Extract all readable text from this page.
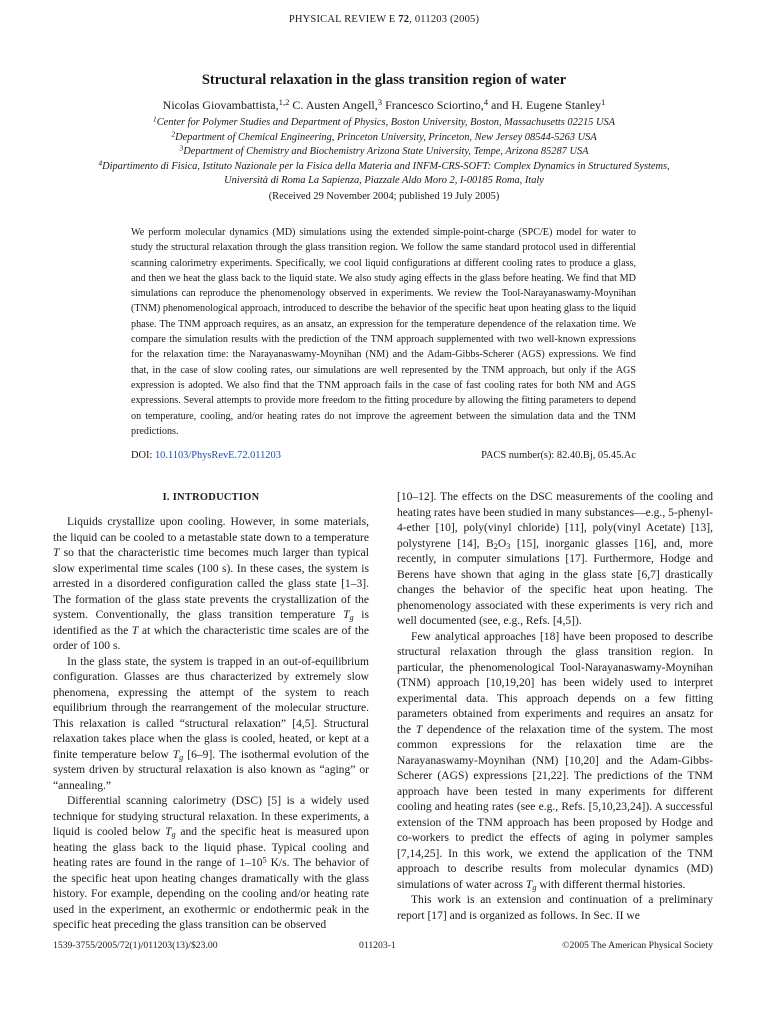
PHYSICAL REVIEW E 72, 011203 (2005)
Structural relaxation in the glass transition region of water
Nicolas Giovambattista,$^{1,2}$ C. Austen Angell,$^3$ Francesco Sciortino,$^4$ and H. Eugene Stanley$^1$
$^1$Center for Polymer Studies and Department of Physics, Boston University, Boston, Massachusetts 02215 USA
$^2$Department of Chemical Engineering, Princeton University, Princeton, New Jersey 08544-5263 USA
$^3$Department of Chemistry and Biochemistry Arizona State University, Tempe, Arizona 85287 USA
$^4$Dipartimento di Fisica, Istituto Nazionale per la Fisica della Materia and INFM-CRS-SOFT: Complex Dynamics in Structured Systems,
Università di Roma La Sapienza, Piazzale Aldo Moro 2, I-00185 Roma, Italy
(Received 29 November 2004; published 19 July 2005)

We perform molecular dynamics (MD) simulations using the extended simple-point-charge (SPC/E) model for water to study the structural relaxation through the glass transition region. We follow the same standard protocol used in differential scanning calorimetry experiments. Specifically, we cool liquid configurations at different cooling rates to produce a glass, and then we heat the glass back to the liquid state. We also study aging effects in the glass before heating. We find that MD simulations can reproduce the phenomenology observed in experiments. We review the Tool-Narayanaswamy-Moynihan (TNM) phenomenological approach, introduced to describe the behavior of the specific heat upon heating glass to the liquid phase. The TNM approach requires, as an ansatz, an expression for the temperature dependence of the relaxation time. We compare the simulation results with the prediction of the TNM approach supplemented with two well-known expressions for the relaxation time: the Narayanaswamy-Moynihan (NM) and the Adam-Gibbs-Scherer (AGS) expressions. We find that, in the case of slow cooling rates, our simulations are well represented by the TNM approach, but only if the AGS expression is adopted. We also find that the TNM approach fails in the case of fast cooling rates for both NM and AGS expressions. Several attempts to provide more freedom to the fitting procedure by allowing the fitting parameters to depend on temperature, cooling, and/or heating rates do not improve the agreement between the simulation data and the TNM predictions.

DOI: 10.1103/PhysRevE.72.011203	PACS number(s): 82.40.Bj, 05.45.Ac
I. INTRODUCTION

Liquids crystallize upon cooling. However, in some materials, the liquid can be cooled to a metastable state down to a temperature T so that the characteristic time becomes much larger than typical slow experimental time scales (100 s). In these cases, the system is arrested in a disordered configuration called the glass state [1–3]. The formation of the glass state prevents the crystallization of the system. Conventionally, the glass transition temperature $T_g$ is identified as the T at which the characteristic time scales are of the order of 100 s.

In the glass state, the system is trapped in an out-of-equilibrium configuration. Glasses are thus characterized by extremely slow phenomena, expressing the attempt of the system to reach equilibrium through the rearrangement of the molecular structure. This relaxation is called “structural relaxation” [4,5]. Structural relaxation takes place when the glass is cooled, heated, or kept at a finite temperature below $T_g$ [6–9]. The isothermal evolution of the system driven by structural relaxation is also known as “aging” or “annealing.”

Differential scanning calorimetry (DSC) [5] is a widely used technique for studying structural relaxation. In these experiments, a liquid is cooled below $T_g$ and the specific heat is measured upon heating the glass back to the liquid phase. Typical cooling and heating rates are found in the range of $1-10^5$ K/s. The behavior of the specific heat upon heating changes dramatically with the glass history. For example, depending on the cooling and/or heating rate used in the experiment, an exothermic or endothermic peak in the specific heat preceding the glass transition can be observed

[10–12]. The effects on the DSC measurements of the cooling and heating rates have been studied in many substances—e.g., 5-phenyl-4-ether [10], poly(vinyl chloride) [11], poly(vinyl Acetate) [13], polystyrene [14], $B_2O_3$ [15], inorganic glasses [16], and, more recently, in computer simulations [17]. Furthermore, Hodge and Berens have shown that aging in the glass state [6,7] drastically changes the behavior of the specific heat upon heating. The phenomenology associated with these experiments is very rich and well documented (see, e.g., Refs. [4,5]).

Few analytical approaches [18] have been proposed to describe structural relaxation through the glass transition region. In particular, the phenomenological Tool-Narayanaswamy-Moynihan (TNM) approach [10,19,20] has been widely used to interpret experimental data. This approach depends on a few fitting parameters obtained from experiments and requires an ansatz for the T dependence of the relaxation time of the system. The most common expressions for the relaxation time are the Narayanaswamy-Moynihan (NM) [10,20] and the Adam-Gibbs-Scherer (AGS) expressions [21,22]. The predictions of the TNM approach have been tested in many experiments for different cooling and heating rates (see e.g., Refs. [5,10,23,24]). A successful extension of the TNM approach has been proposed by Hodge and co-workers to predict the effects of aging in polymer samples [7,14,25]. In this work, we extend the application of the TNM approach to describe results from molecular dynamics (MD) simulations of water across $T_g$ with different thermal histories.

This work is an extension and continuation of a preliminary report [17] and is organized as follows. In Sec. II we

1539-3755/2005/72(1)/011203(13)/$23.00	011203-1	©2005 The American Physical Society
